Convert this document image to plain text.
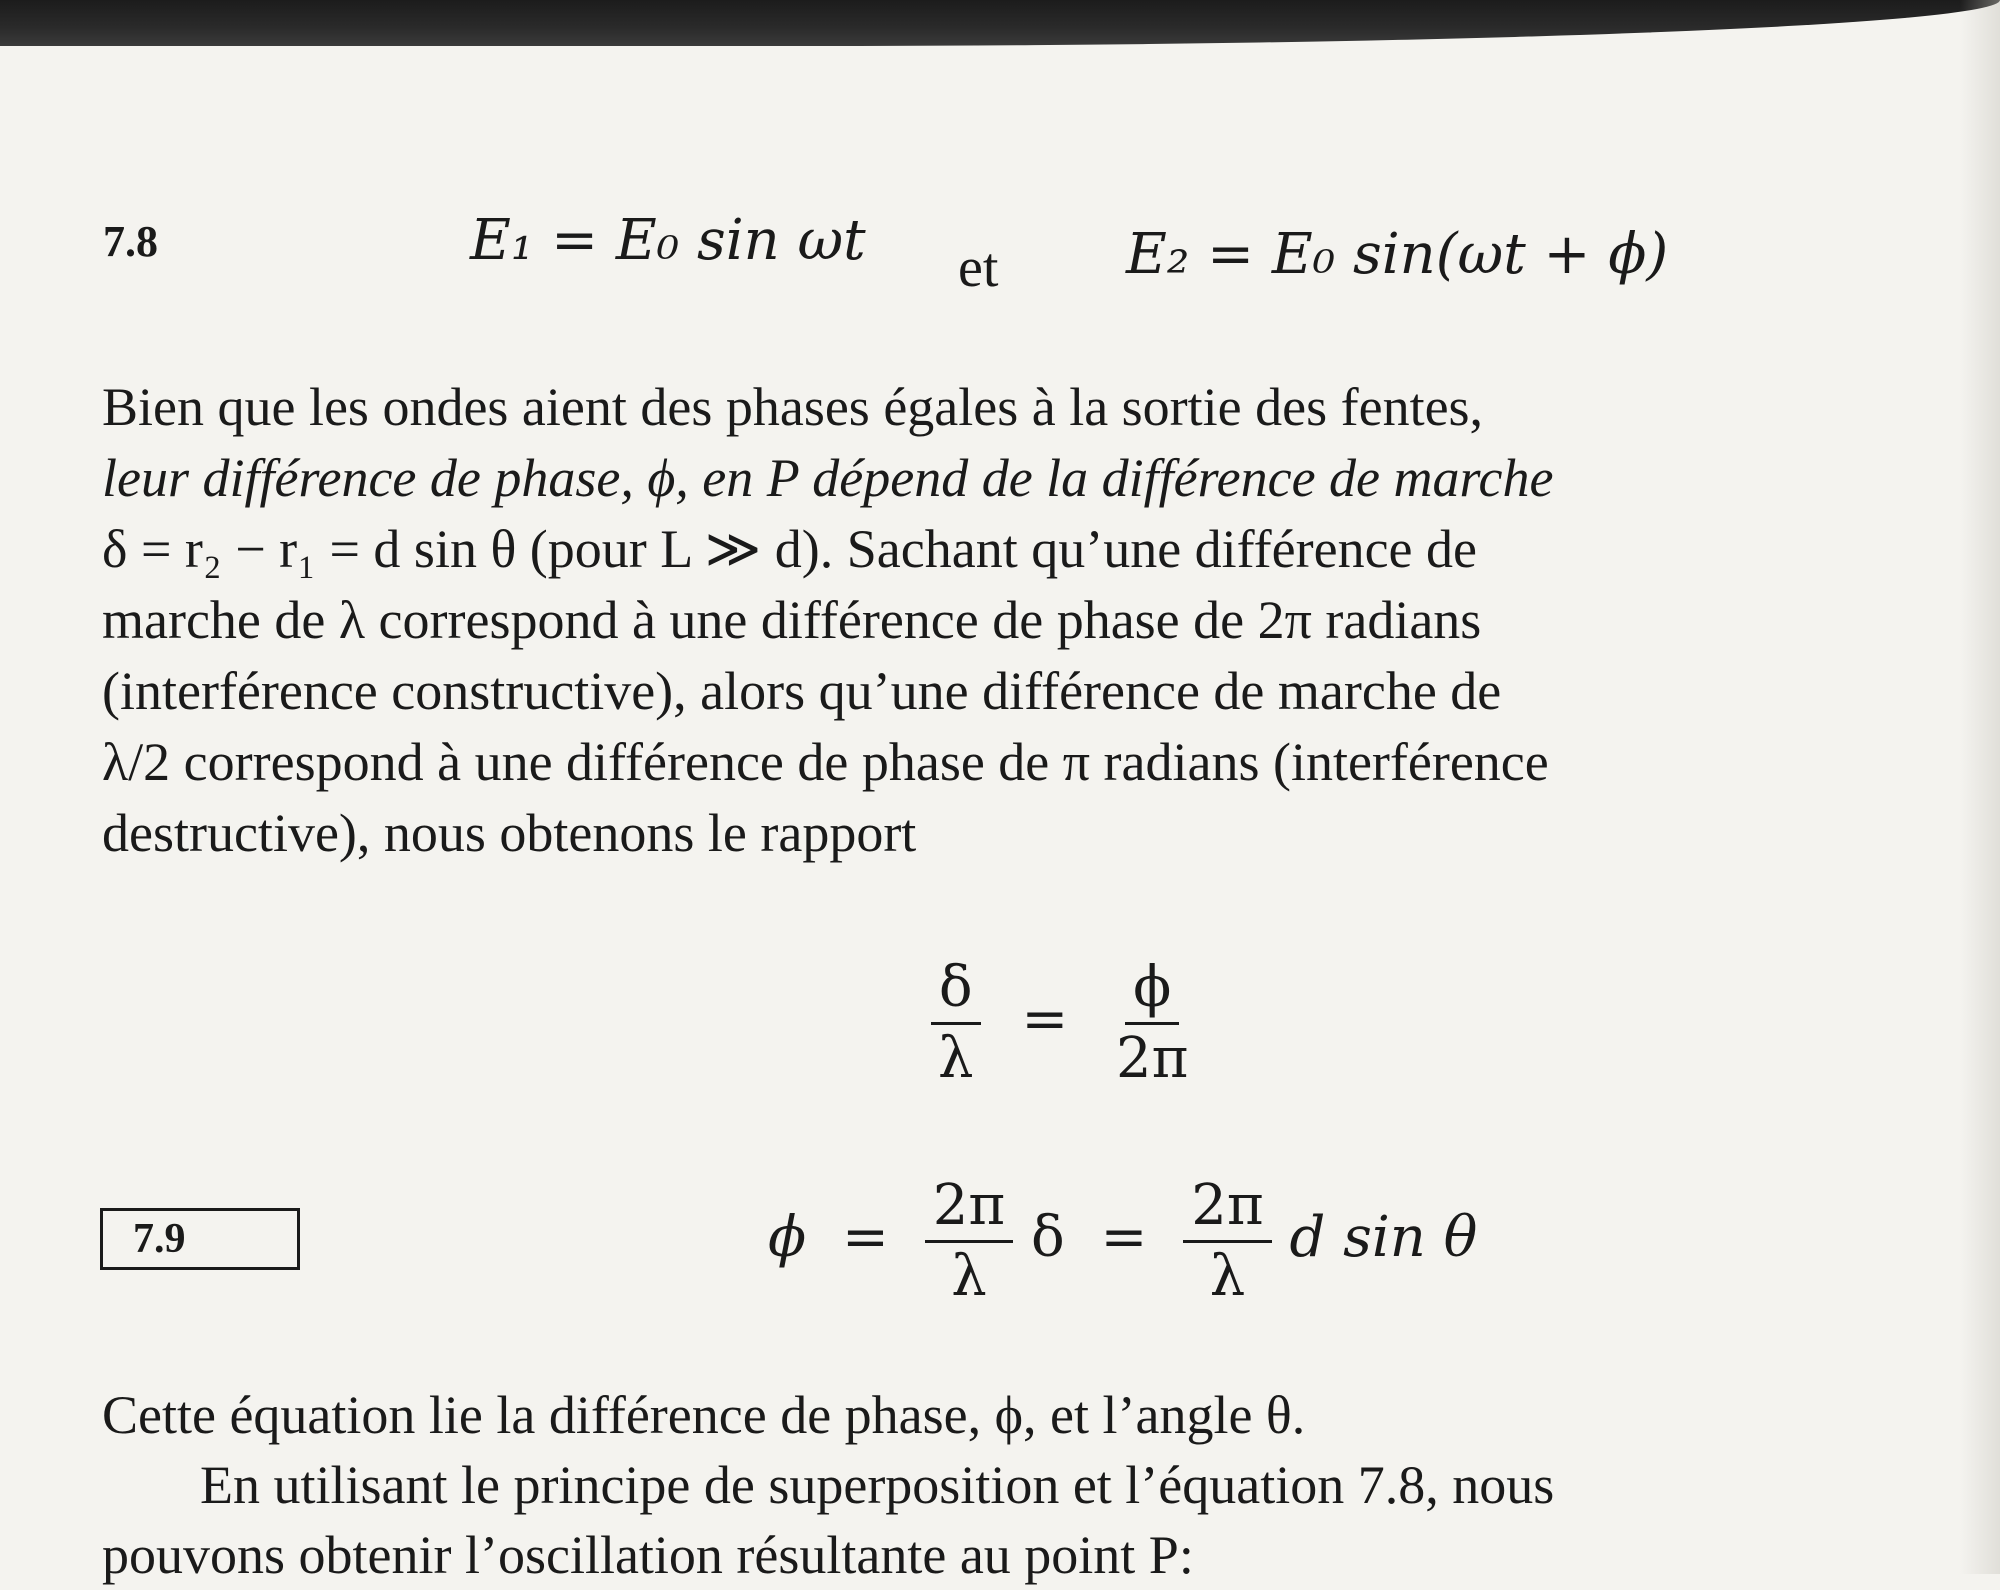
7.8	E₁ = E₀ sin ωt et E₂ = E₀ sin(ωt + ϕ)
Bien que les ondes aient des phases égales à la sortie des fentes,
leur différence de phase, ϕ, en P dépend de la différence de marche
δ = r₂ − r₁ = d sin θ (pour L ≫ d). Sachant qu’une différence de
marche de λ correspond à une différence de phase de 2π radians
(interférence constructive), alors qu’une différence de marche de
λ/2 correspond à une différence de phase de π radians (interférence
destructive), nous obtenons le rapport
$\frac{\delta}{\lambda} = \frac{\phi}{2\pi}$
7.9	$\phi = \frac{2\pi}{\lambda}$ $\delta = \frac{2\pi}{\lambda}$ d sin θ
Cette équation lie la différence de phase, ϕ, et l’angle θ.
En utilisant le principe de superposition et l’équation 7.8, nous
pouvons obtenir l’oscillation résultante au point P:
